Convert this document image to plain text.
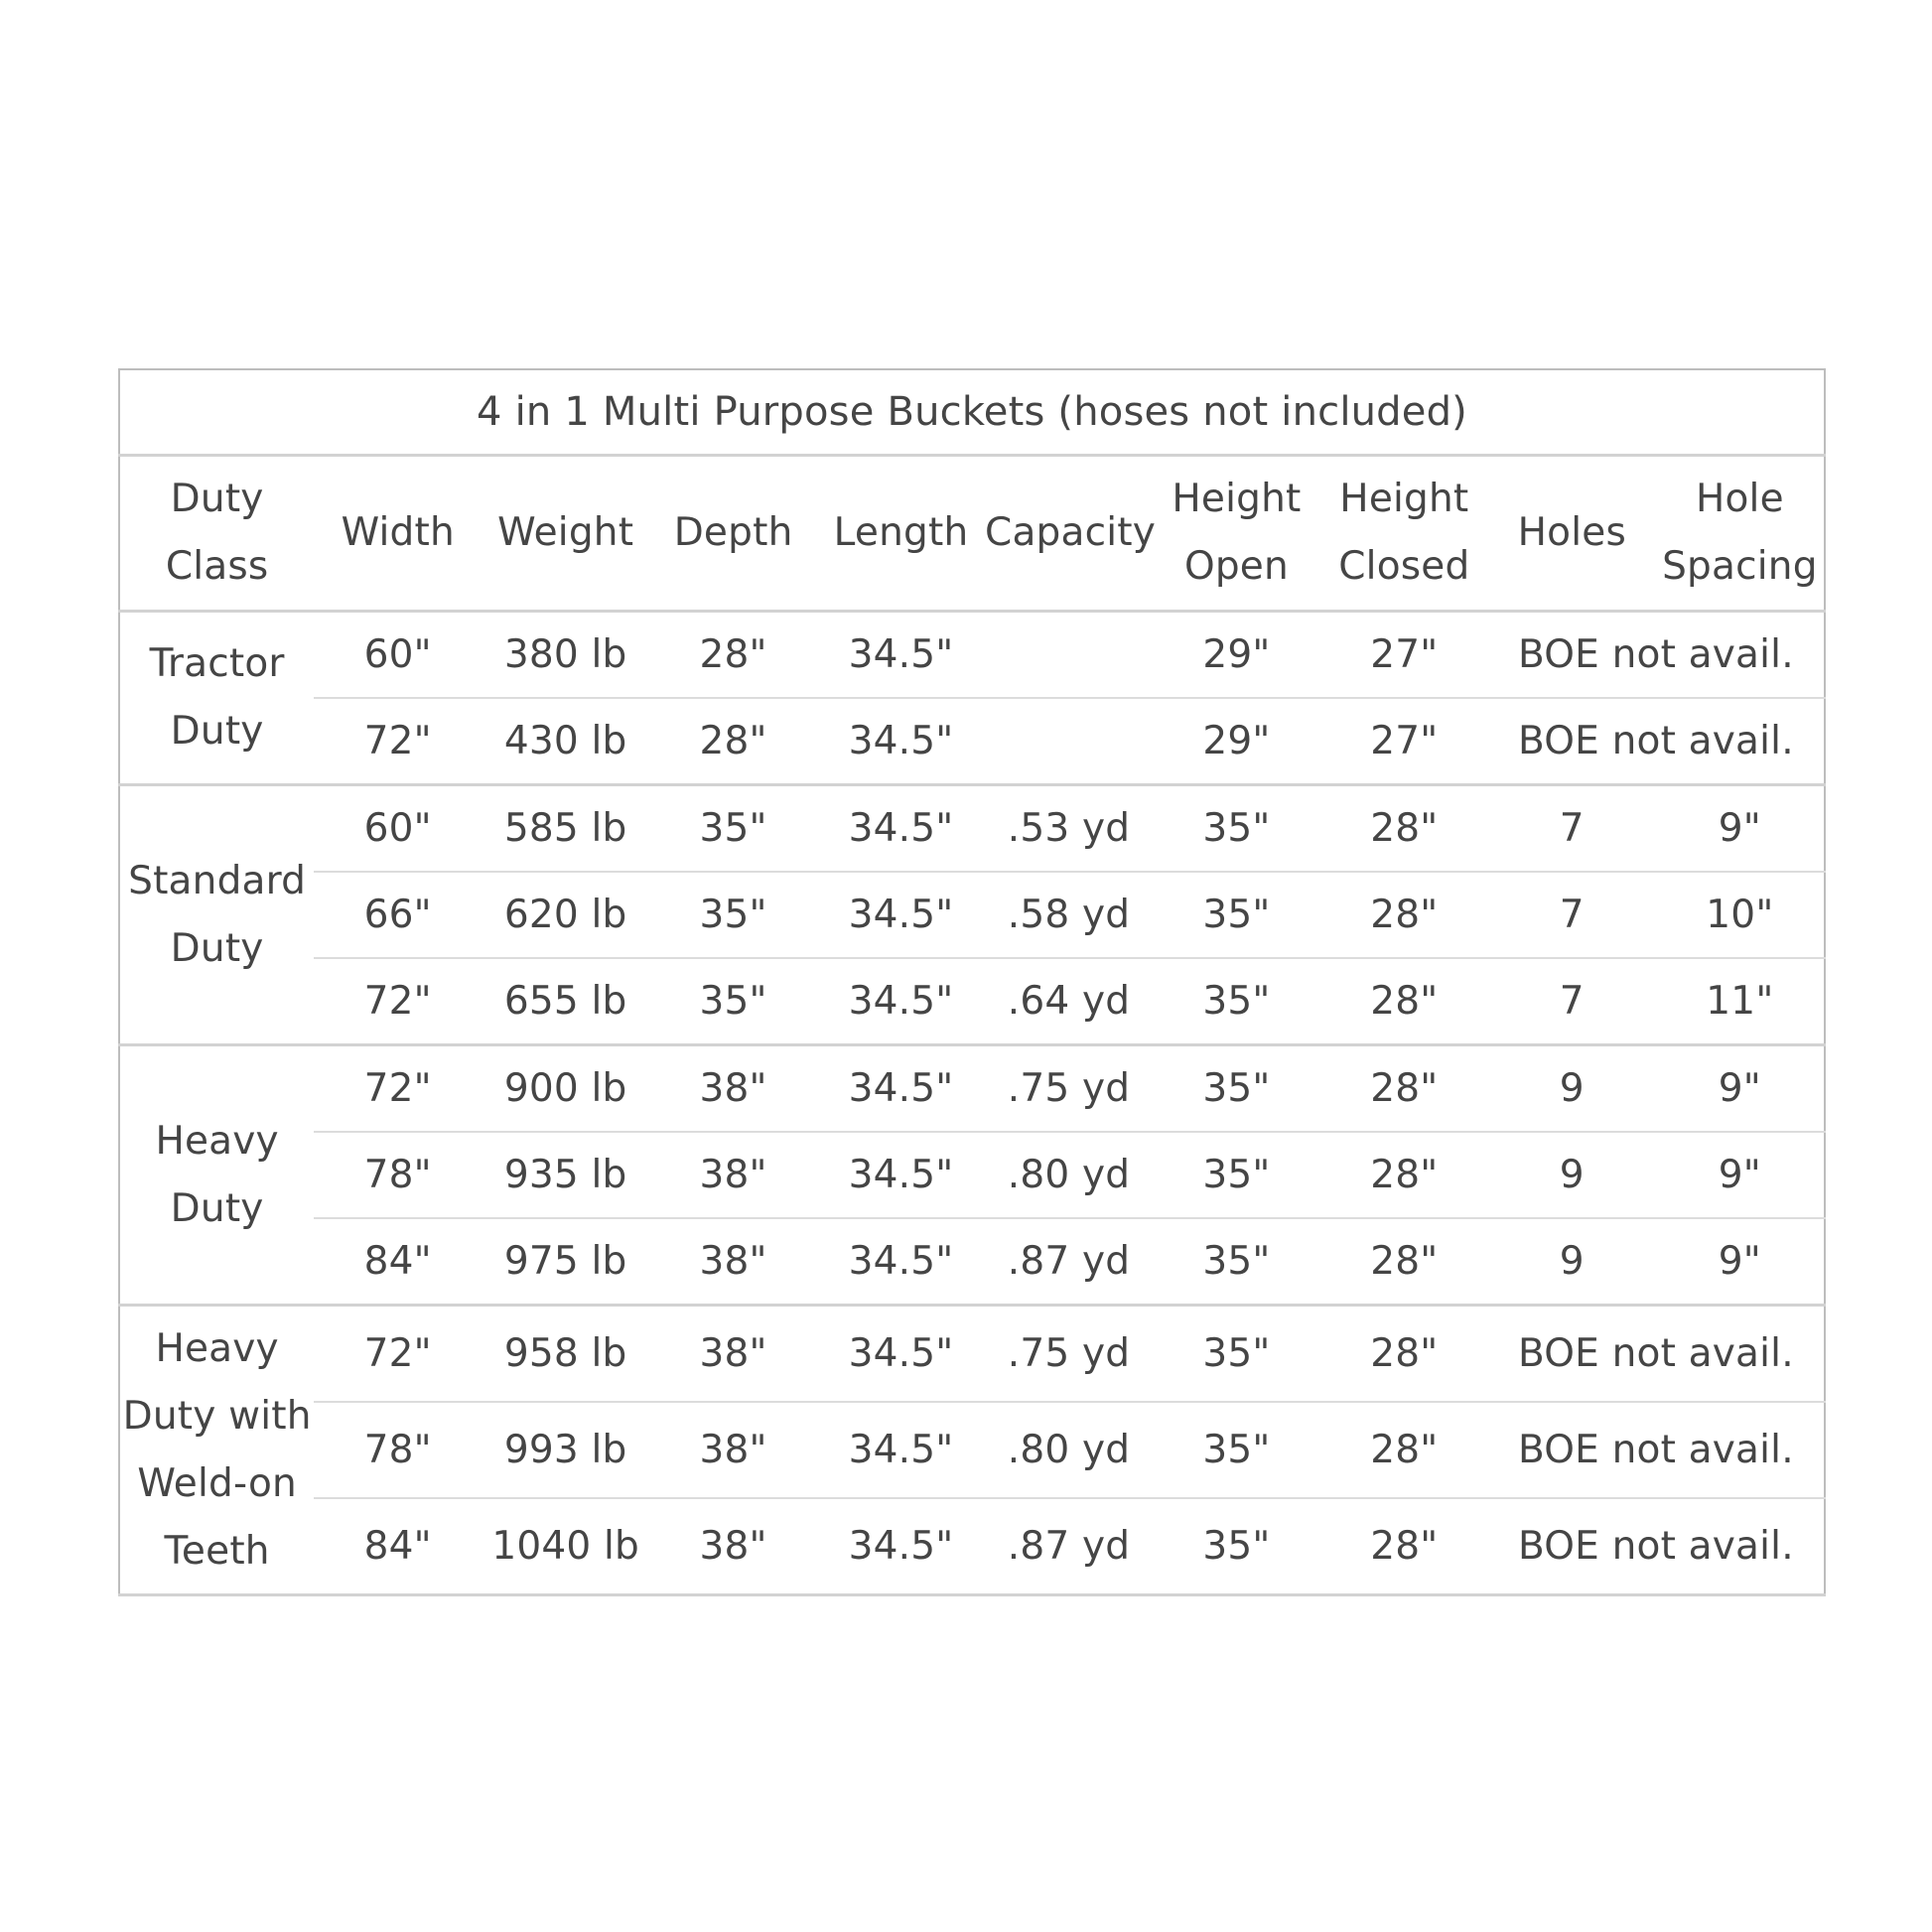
4 in 1 Multi Purpose Buckets (hoses not included)									

Duty
Class	Width	Weight	Depth	Length	Capacity	Height
Open	Height
Closed	Holes	Hole
Spacing

Tractor
Duty	60"	380 lb	28"	34.5"		29"	27"	BOE not avail.	
	72"	430 lb	28"	34.5"		29"	27"	BOE not avail.	

Standard
Duty	60"	585 lb	35"	34.5"	.53 yd	35"	28"	7	9"
	66"	620 lb	35"	34.5"	.58 yd	35"	28"	7	10"
	72"	655 lb	35"	34.5"	.64 yd	35"	28"	7	11"

Heavy
Duty	72"	900 lb	38"	34.5"	.75 yd	35"	28"	9	9"
	78"	935 lb	38"	34.5"	.80 yd	35"	28"	9	9"
	84"	975 lb	38"	34.5"	.87 yd	35"	28"	9	9"

Heavy
Duty with
Weld-on
Teeth	72"	958 lb	38"	34.5"	.75 yd	35"	28"	BOE not avail.	
	78"	993 lb	38"	34.5"	.80 yd	35"	28"	BOE not avail.	
	84"	1040 lb	38"	34.5"	.87 yd	35"	28"	BOE not avail.	
